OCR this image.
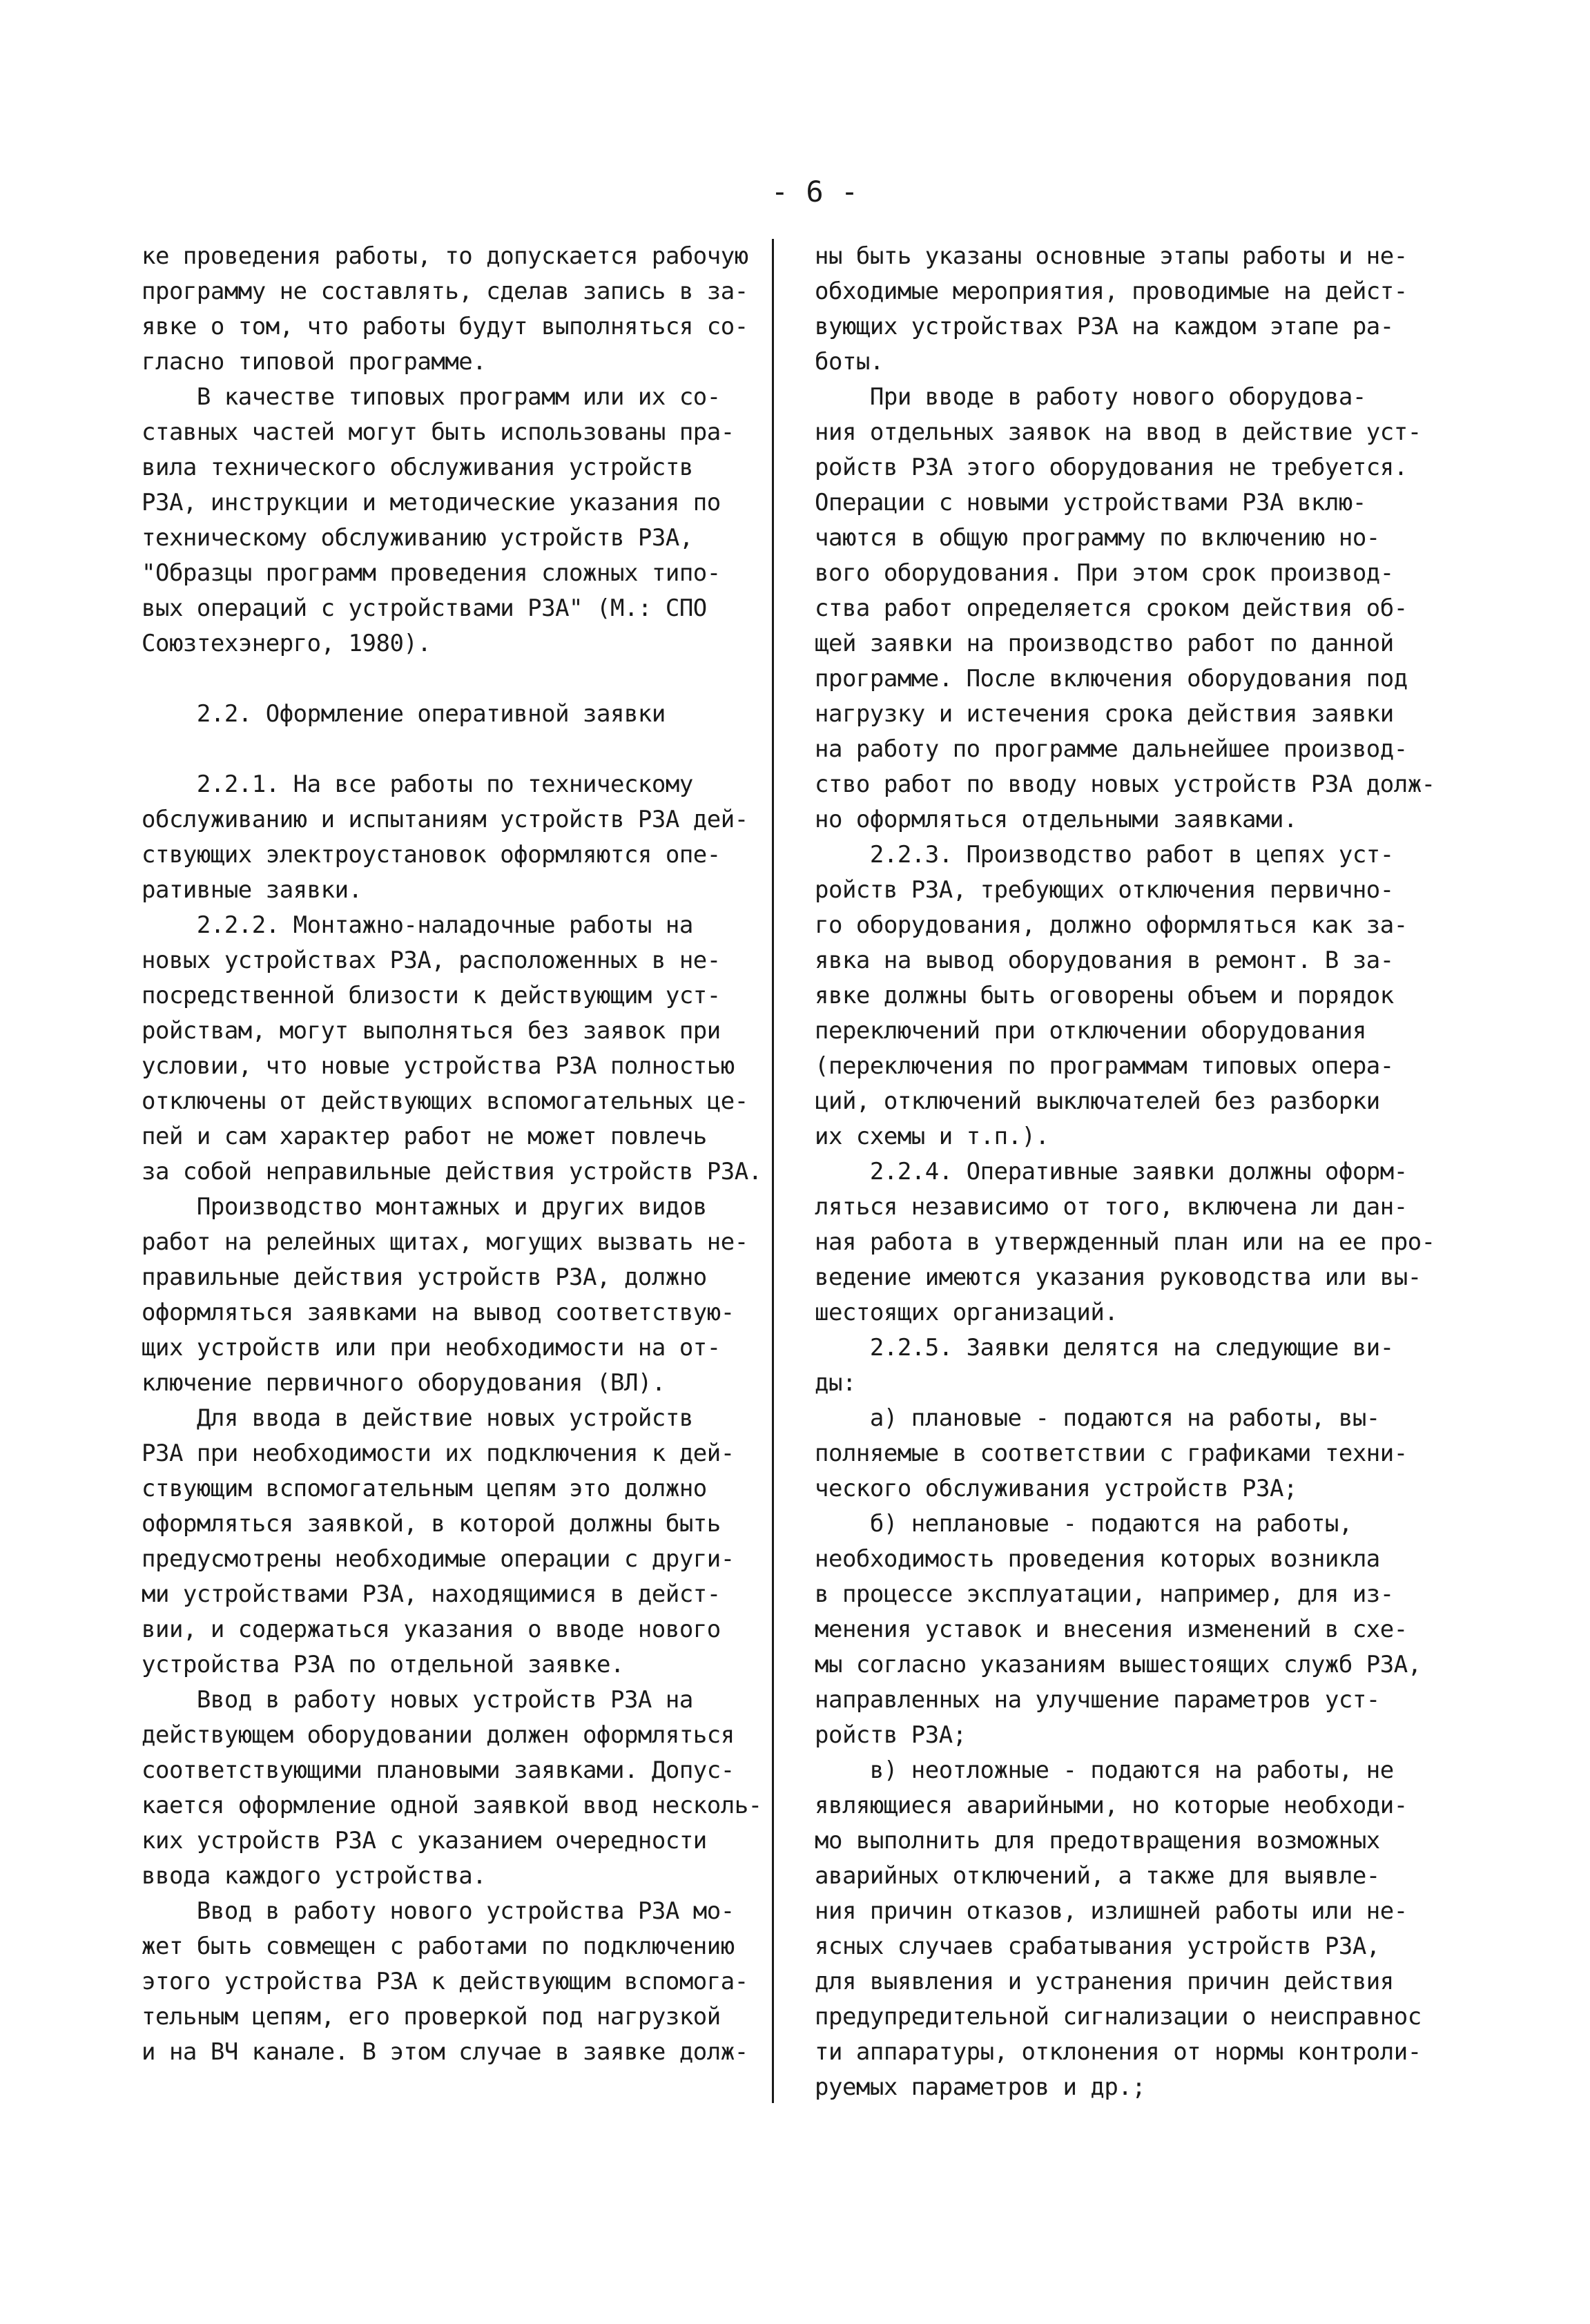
- 6 -
ке проведения работы, то допускается рабочую
программу не составлять, сделав запись в за-
явке о том, что работы будут выполняться со-
гласно типовой программе.
В качестве типовых программ или их со-
ставных частей могут быть использованы пра-
вила технического обслуживания устройств
РЗА, инструкции и методические указания по
техническому обслуживанию устройств РЗА,
"Образцы программ проведения сложных типо-
вых операций с устройствами РЗА" (М.: СПО
Союзтехэнерго, 1980).

2.2. Оформление оперативной заявки

2.2.1. На все работы по техническому
обслуживанию и испытаниям устройств РЗА дей-
ствующих электроустановок оформляются опе-
ративные заявки.
2.2.2. Монтажно-наладочные работы на
новых устройствах РЗА, расположенных в не-
посредственной близости к действующим уст-
ройствам, могут выполняться без заявок при
условии, что новые устройства РЗА полностью
отключены от действующих вспомогательных це-
пей и сам характер работ не может повлечь
за собой неправильные действия устройств РЗА.
Производство монтажных и других видов
работ на релейных щитах, могущих вызвать не-
правильные действия устройств РЗА, должно
оформляться заявками на вывод соответствую-
щих устройств или при необходимости на от-
ключение первичного оборудования (ВЛ).
Для ввода в действие новых устройств
РЗА при необходимости их подключения к дей-
ствующим вспомогательным цепям это должно
оформляться заявкой, в которой должны быть
предусмотрены необходимые операции с други-
ми устройствами РЗА, находящимися в дейст-
вии, и содержаться указания о вводе нового
устройства РЗА по отдельной заявке.
Ввод в работу новых устройств РЗА на
действующем оборудовании должен оформляться
соответствующими плановыми заявками. Допус-
кается оформление одной заявкой ввод несколь-
ких устройств РЗА с указанием очередности
ввода каждого устройства.
Ввод в работу нового устройства РЗА мо-
жет быть совмещен с работами по подключению
этого устройства РЗА к действующим вспомога-
тельным цепям, его проверкой под нагрузкой
и на ВЧ канале. В этом случае в заявке долж-
ны быть указаны основные этапы работы и не-
обходимые мероприятия, проводимые на дейст-
вующих устройствах РЗА на каждом этапе ра-
боты.
При вводе в работу нового оборудова-
ния отдельных заявок на ввод в действие уст-
ройств РЗА этого оборудования не требуется.
Операции с новыми устройствами РЗА вклю-
чаются в общую программу по включению но-
вого оборудования. При этом срок производ-
ства работ определяется сроком действия об-
щей заявки на производство работ по данной
программе. После включения оборудования под
нагрузку и истечения срока действия заявки
на работу по программе дальнейшее производ-
ство работ по вводу новых устройств РЗА долж-
но оформляться отдельными заявками.
2.2.3. Производство работ в цепях уст-
ройств РЗА, требующих отключения первично-
го оборудования, должно оформляться как за-
явка на вывод оборудования в ремонт. В за-
явке должны быть оговорены объем и порядок
переключений при отключении оборудования
(переключения по программам типовых опера-
ций, отключений выключателей без разборки
их схемы и т.п.).
2.2.4. Оперативные заявки должны оформ-
ляться независимо от того, включена ли дан-
ная работа в утвержденный план или на ее про-
ведение имеются указания руководства или вы-
шестоящих организаций.
2.2.5. Заявки делятся на следующие ви-
ды:
а) плановые - подаются на работы, вы-
полняемые в соответствии с графиками техни-
ческого обслуживания устройств РЗА;
б) неплановые - подаются на работы,
необходимость проведения которых возникла
в процессе эксплуатации, например, для из-
менения уставок и внесения изменений в схе-
мы согласно указаниям вышестоящих служб РЗА,
направленных на улучшение параметров уст-
ройств РЗА;
в) неотложные - подаются на работы, не
являющиеся аварийными, но которые необходи-
мо выполнить для предотвращения возможных
аварийных отключений, а также для выявле-
ния причин отказов, излишней работы или не-
ясных случаев срабатывания устройств РЗА,
для выявления и устранения причин действия
предупредительной сигнализации о неисправнос
ти аппаратуры, отклонения от нормы контроли-
руемых параметров и др.;
